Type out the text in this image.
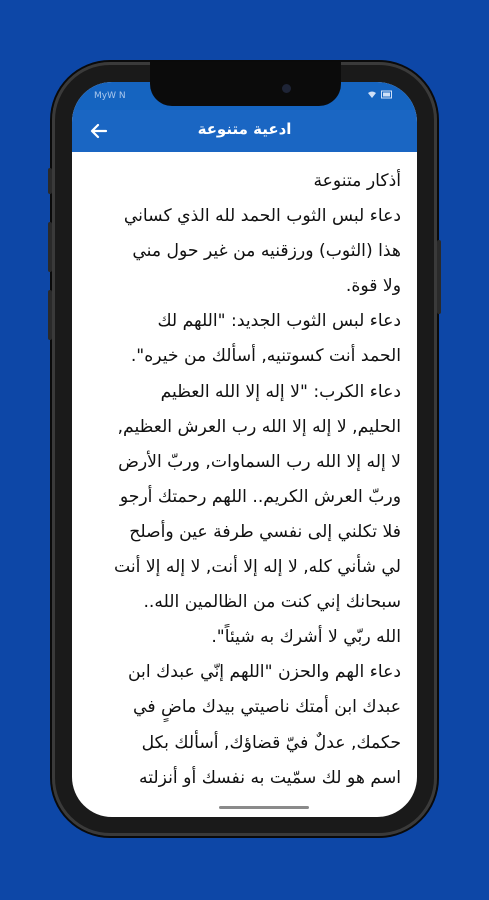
MyW N
ادعية متنوعة
أذكار متنوعة
دعاء لبس الثوب الحمد لله الذي كساني
هذا (الثوب) ورزقنيه من غير حول مني
ولا قوة.
دعاء لبس الثوب الجديد: "اللهم لك
الحمد أنت كسوتنيه, أسألك من خيره".
دعاء الكرب: "لا إله إلا الله العظيم
الحليم, لا إله إلا الله رب العرش العظيم,
لا إله إلا الله رب السماوات, وربّ الأرض
وربّ العرش الكريم.. اللهم رحمتك أرجو
فلا تكلني إلى نفسي طرفة عين وأصلح
لي شأني كله, لا إله إلا أنت, لا إله إلا أنت
سبحانك إني كنت من الظالمين الله..
الله ربّي لا أشرك به شيئاً".
دعاء الهم والحزن "اللهم إنّي عبدك ابن
عبدك ابن أمتك ناصيتي بيدك ماضٍ في
حكمك, عدلٌ فيّ قضاؤك, أسألك بكل
اسم هو لك سمّيت به نفسك أو أنزلته
